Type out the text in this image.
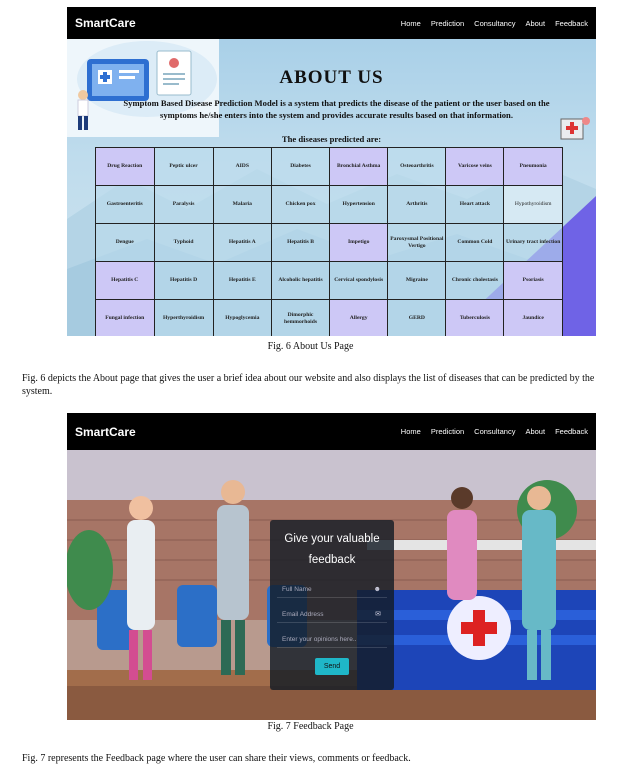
SmartCare	Home Prediction Consultancy About Feedback
ABOUT US
Symptom Based Disease Prediction Model is a system that predicts the disease of the patient or the user based on the symptoms he/she enters into the system and provides accurate results based on that information.
The diseases predicted are:
Drug Reaction	Peptic ulcer	AIDS	Diabetes	Bronchial Asthma	Osteoarthritis	Varicose veins	Pneumonia
Gastroenteritis	Paralysis	Malaria	Chicken pox	Hypertension	Arthritis	Heart attack	Hypothyroidism
Dengue	Typhoid	Hepatitis A	Hepatitis B	Impetigo	Paroxysmal Positional Vertigo	Common Cold	Urinary tract infection
Hepatitis C	Hepatitis D	Hepatitis E	Alcoholic hepatitis	Cervical spondylosis	Migraine	Chronic cholestasis	Psoriasis
Fungal infection	Hyperthyroidism	Hypoglycemia	Dimorphic hemmorhoids	Allergy	GERD	Tuberculosis	Jaundice
Fig. 6 About Us Page
Fig. 6 depicts the About page that gives the user a brief idea about our website and also displays the list of diseases that can be predicted by the system.
SmartCare	Home Prediction Consultancy About Feedback
Give your valuable feedback
Full Name	☻
Email Address	✉
Enter your opinions here..
Send
Fig. 7 Feedback Page
Fig. 7 represents the Feedback page where the user can share their views, comments or feedback.
